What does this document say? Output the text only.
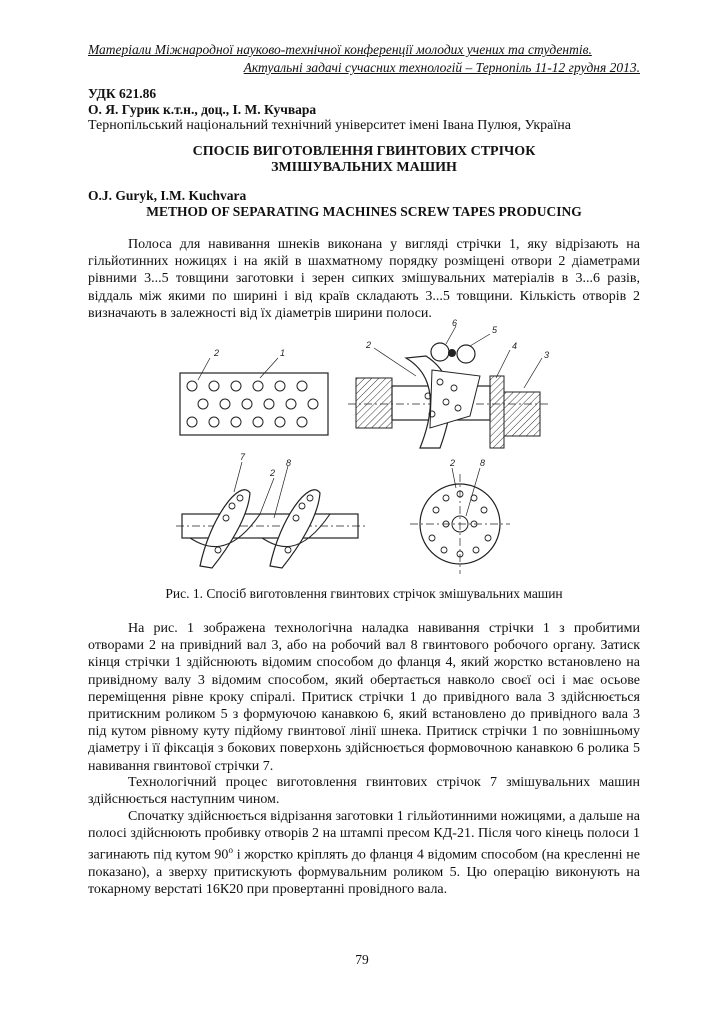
Матеріали Міжнародної науково-технічної конференції молодих учених та студентів.
Актуальні задачі сучасних технологій – Тернопіль 11-12 грудня 2013.
УДК 621.86
О. Я. Гурик к.т.н., доц., І. М. Кучвара
Тернопільський національний технічний університет імені Івана Пулюя, Україна
СПОСІБ ВИГОТОВЛЕННЯ ГВИНТОВИХ СТРІЧОК ЗМІШУВАЛЬНИХ МАШИН
O.J. Guryk, I.M. Kuchvara
METHOD OF SEPARATING MACHINES SCREW TAPES PRODUCING

Полоса для навивання шнеків виконана у вигляді стрічки 1, яку відрізають на гільйотинних ножицях і на якій в шахматному порядку розміщені отвори 2 діаметрами рівними 3...5 товщини заготовки і зерен сипких змішувальних матеріалів в 3...6 разів, віддаль між якими по ширині і від країв складають 3...5 товщини. Кількість отворів 2 визначають в залежності від їх діаметрів ширини полоси.

2	1
6
2
5
4
3
7
2
8	2	8
Рис. 1. Спосіб виготовлення гвинтових стрічок змішувальних машин

На рис. 1 зображена технологічна наладка навивання стрічки 1 з пробитими отворами 2 на привідний вал 3, або на робочий вал 8 гвинтового робочого органу. Затиск кінця стрічки 1 здійснюють відомим способом до фланця 4, який жорстко встановлено на привідному валу 3 відомим способом, який обертається навколо своєї осі і має осьове переміщення рівне кроку спіралі. Притиск стрічки 1 до привідного вала 3 здійснюється притискним роликом 5 з формуючою канавкою 6, який встановлено до привідного вала 3 під кутом рівному куту підйому гвинтової лінії шнека. Притиск стрічки 1 по зовнішньому діаметру і її фіксація з бокових поверхонь здійснюється формовочною канавкою 6 ролика 5 навивання гвинтової стрічки 7.

Технологічний процес виготовлення гвинтових стрічок 7 змішувальних машин здійснюється наступним чином.

Спочатку здійснюється відрізання заготовки 1 гільйотинними ножицями, а дальше на полосі здійснюють пробивку отворів 2 на штампі пресом КД-21. Після чого кінець полоси 1 загинають під кутом $90^о$ і жорстко кріплять до фланця 4 відомим способом (на кресленні не показано), а зверху притискують формувальним роликом 5. Цю операцію виконують на токарному верстаті 16К20 при провертанні провідного вала.

79
